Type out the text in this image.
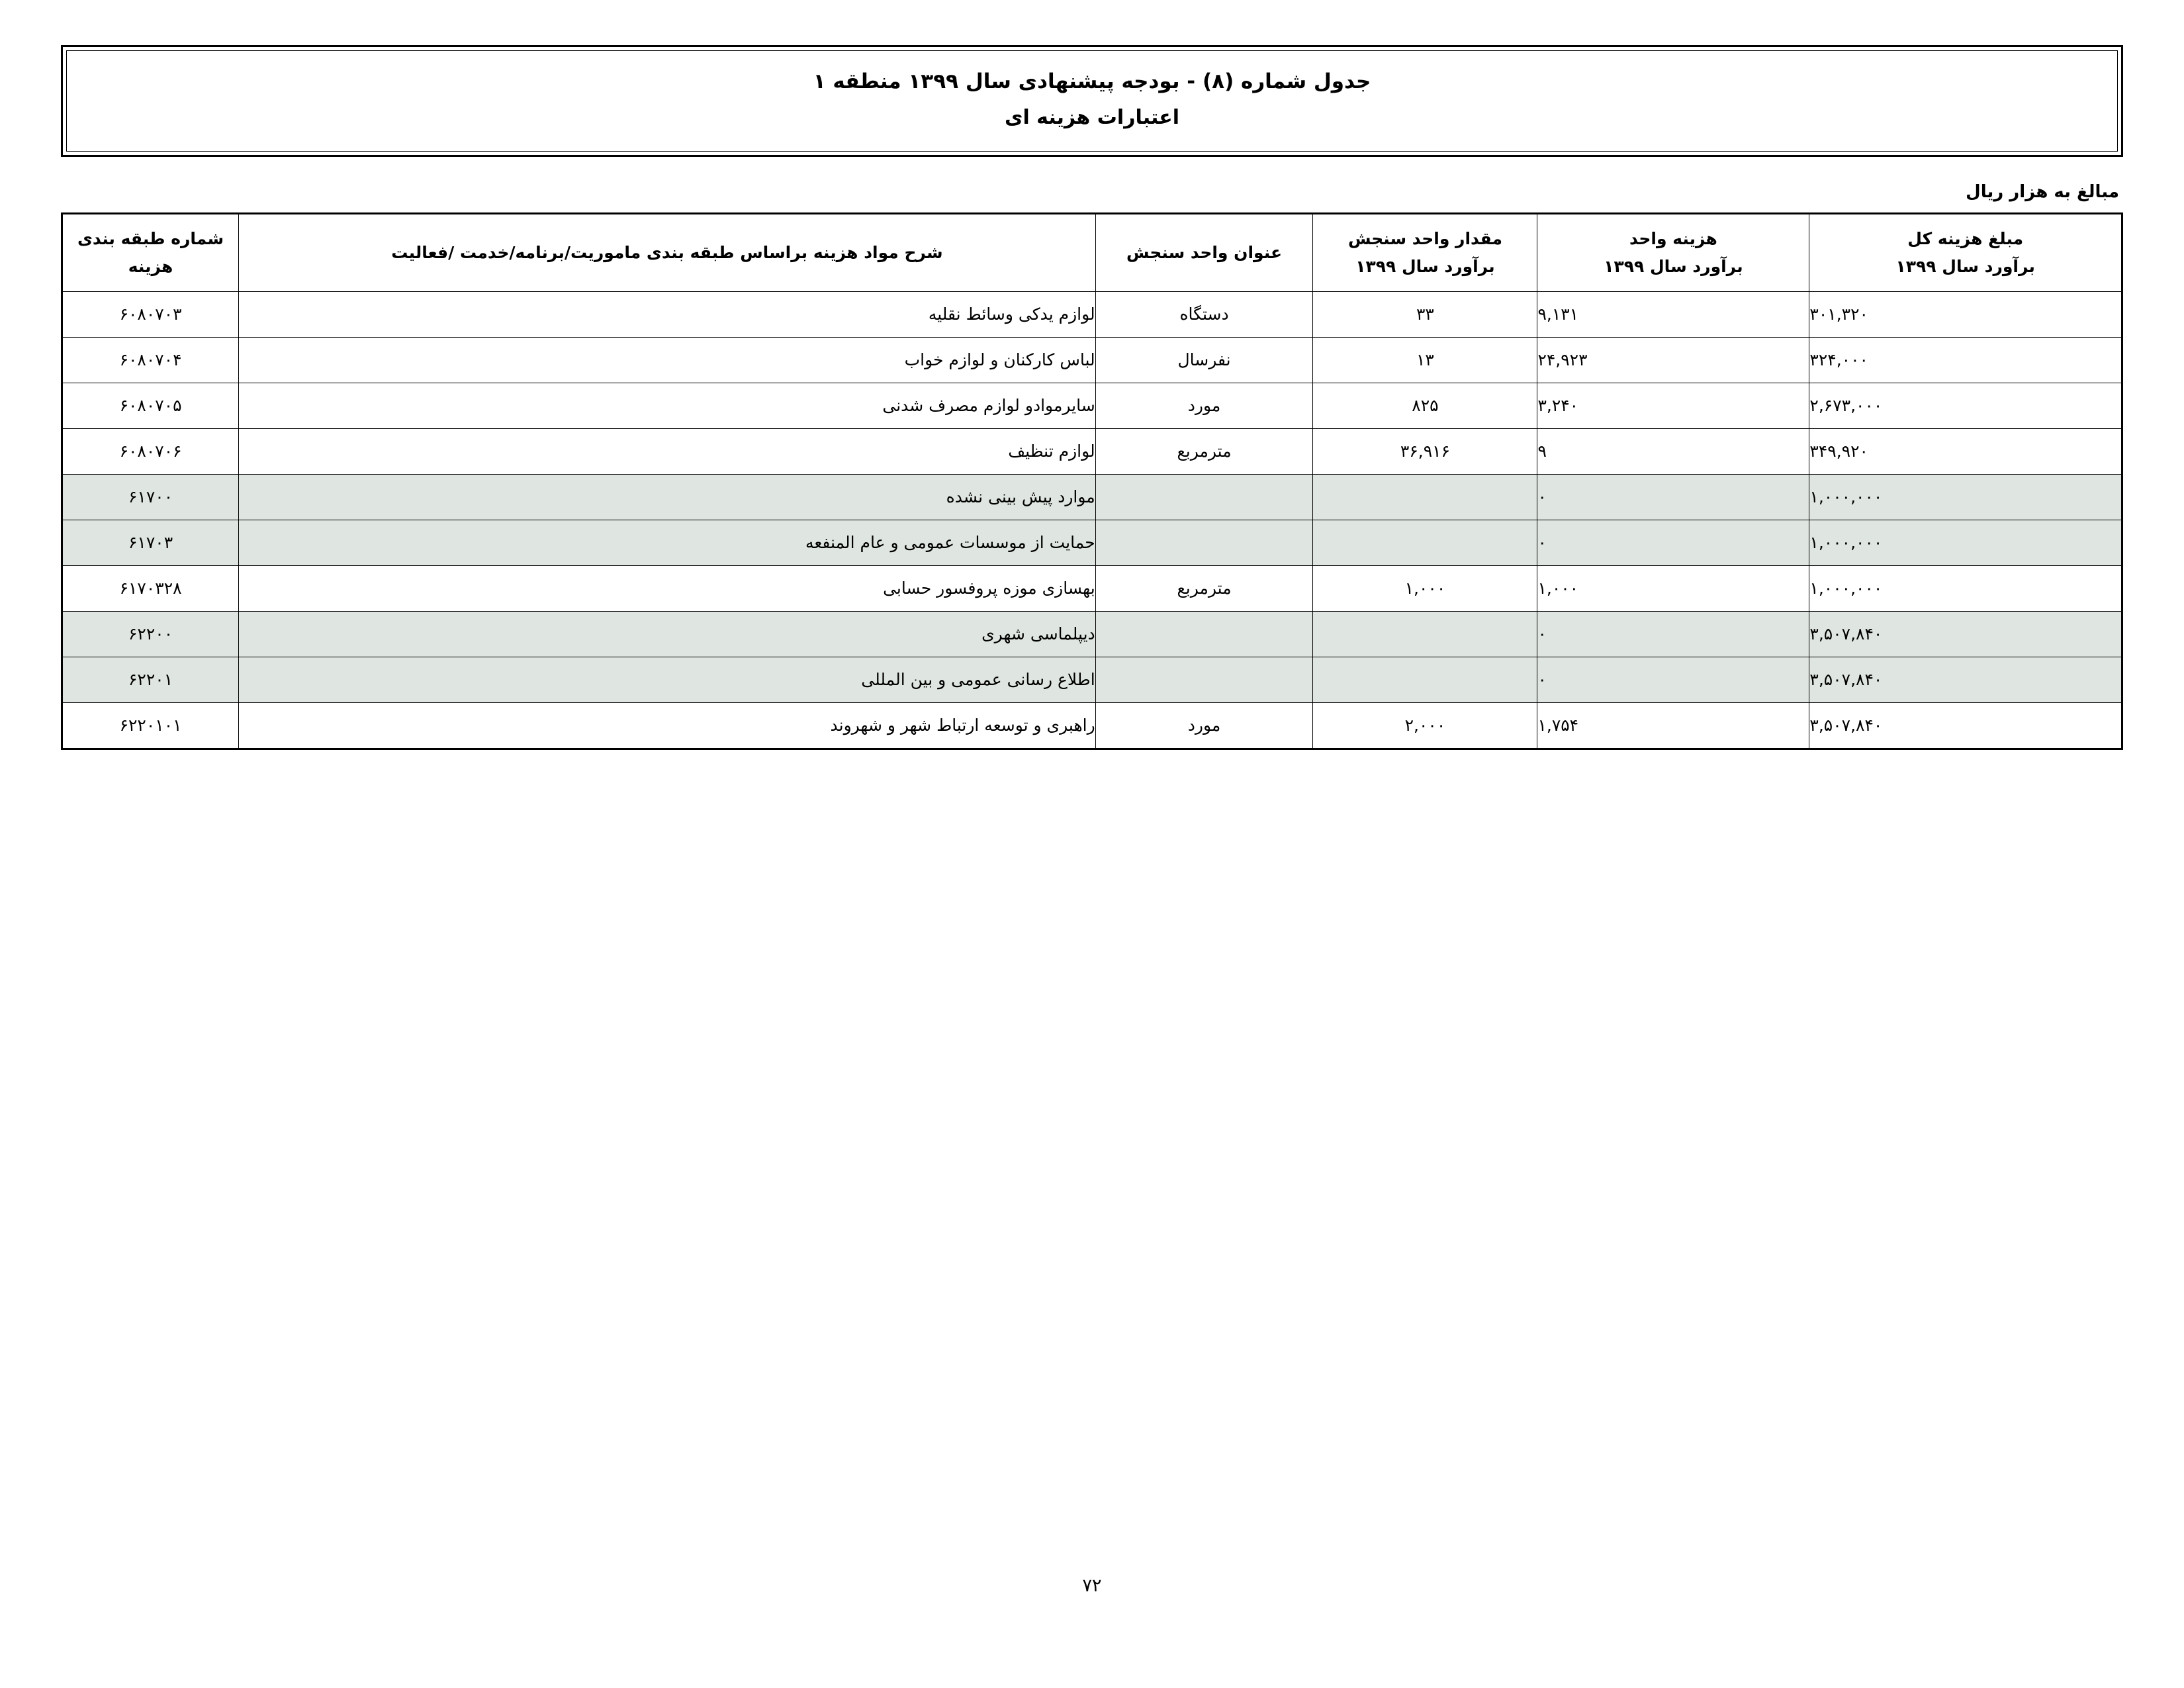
جدول شماره (۸) - بودجه پیشنهادی سال ۱۳۹۹ منطقه ۱
اعتبارات هزینه ای
مبالغ به هزار ریال
مبلغ هزینه کل
برآورد سال ۱۳۹۹

هزینه واحد
برآورد سال ۱۳۹۹

مقدار واحد سنجش
برآورد سال ۱۳۹۹

عنوان واحد سنجش

شرح مواد هزینه براساس طبقه بندی ماموریت/برنامه/خدمت /فعالیت

شماره طبقه بندی
هزینه

۳۰۱,۳۲۰	۹,۱۳۱	۳۳	دستگاه	لوازم یدکی وسائط نقلیه	۶۰۸۰۷۰۳
۳۲۴,۰۰۰	۲۴,۹۲۳	۱۳	نفرسال	لباس کارکنان و لوازم خواب	۶۰۸۰۷۰۴
۲,۶۷۳,۰۰۰	۳,۲۴۰	۸۲۵	مورد	سایرموادو لوازم مصرف شدنی	۶۰۸۰۷۰۵
۳۴۹,۹۲۰	۹	۳۶,۹۱۶	مترمربع	لوازم تنظیف	۶۰۸۰۷۰۶
۱,۰۰۰,۰۰۰	۰			موارد پیش بینی نشده	۶۱۷۰۰
۱,۰۰۰,۰۰۰	۰			حمایت از موسسات عمومی و عام المنفعه	۶۱۷۰۳
۱,۰۰۰,۰۰۰	۱,۰۰۰	۱,۰۰۰	مترمربع	بهسازی موزه پروفسور حسابی	۶۱۷۰۳۲۸
۳,۵۰۷,۸۴۰	۰			دیپلماسی شهری	۶۲۲۰۰
۳,۵۰۷,۸۴۰	۰			اطلاع رسانی عمومی و بین المللی	۶۲۲۰۱
۳,۵۰۷,۸۴۰	۱,۷۵۴	۲,۰۰۰	مورد	راهبری و توسعه ارتباط شهر و شهروند	۶۲۲۰۱۰۱
۷۲
